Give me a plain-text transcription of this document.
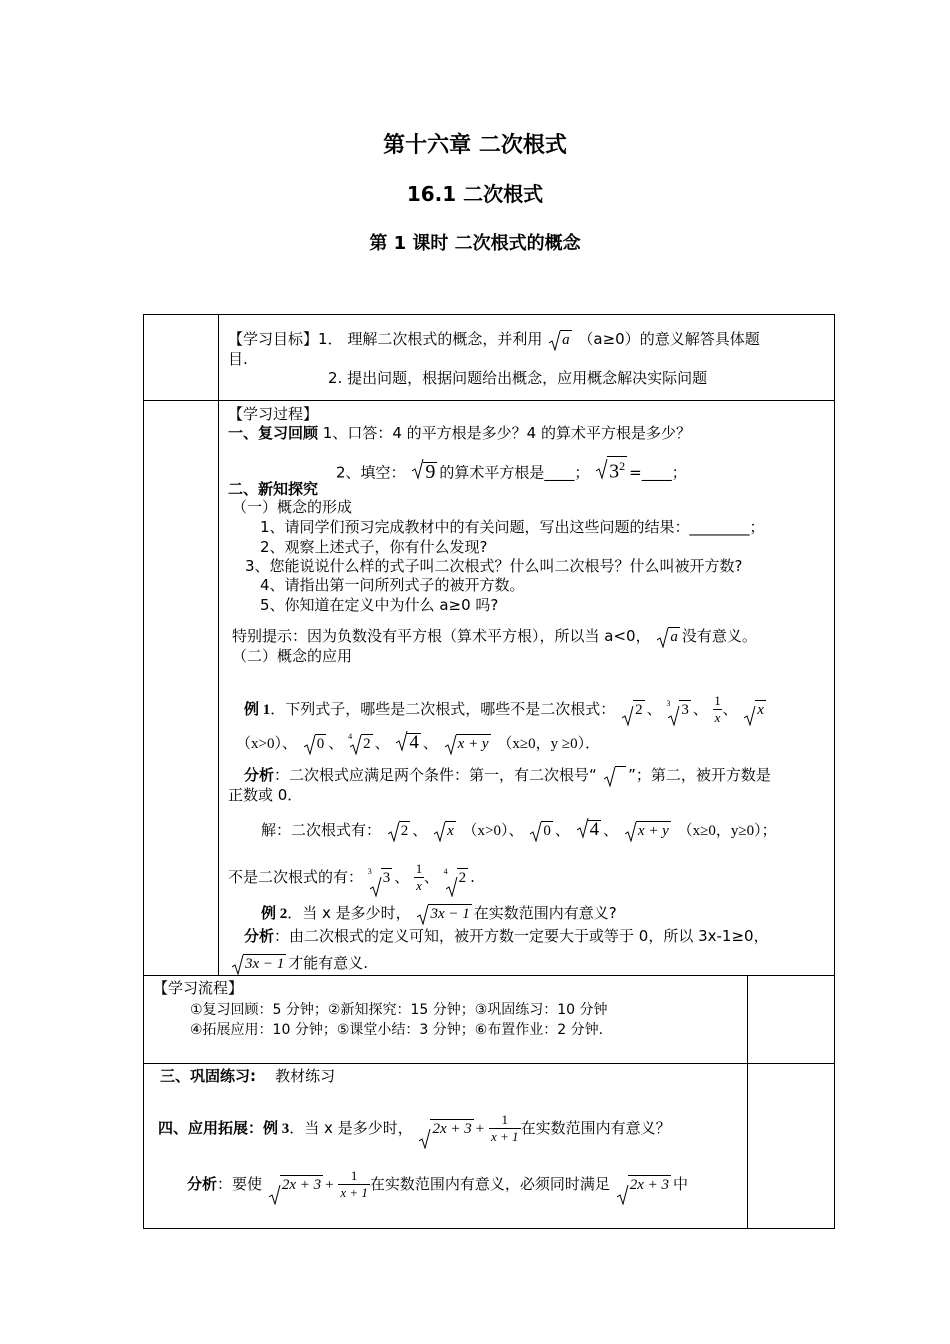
第十六章 二次根式
16.1 二次根式
第 1 课时 二次根式的概念
【学习目标】1． 理解二次根式的概念，并利用 a （a≥0）的意义解答具体题
目.
2. 提出问题，根据问题给出概念，应用概念解决实际问题
【学习过程】
一、复习回顾 1、口答：4 的平方根是多少？4 的算术平方根是多少？
2、填空： 9 的算术平方根是____； $3^2$ =____；
二、新知探究
（一）概念的形成
1、请同学们预习完成教材中的有关问题，写出这些问题的结果：________；
2、观察上述式子，你有什么发现?
3、您能说说什么样的式子叫二次根式？什么叫二次根号？什么叫被开方数?
4、请指出第一问所列式子的被开方数。
5、你知道在定义中为什么 a≥0 吗?
特别提示：因为负数没有平方根（算术平方根），所以当 a<0， a 没有意义。
（二）概念的应用
例 1．下列式子，哪些是二次根式，哪些不是二次根式： 2 、 3 3 、 $\frac{1}{x}$ 、 x
（x>0）、 0 、 4 2 、 4 、 x + y （x≥0，y ≥0）．
分析：二次根式应满足两个条件：第一，有二次根号“ ”；第二，被开方数是
正数或 0．
解：二次根式有： 2 、 x （x>0）、 0 、 4 、 x + y （x≥0，y≥0）；
不是二次根式的有： 3 3 、 $\frac{1}{x}$ 、 4 2 .
例 2．当 x 是多少时， 3x − 1 在实数范围内有意义?
分析：由二次根式的定义可知，被开方数一定要大于或等于 0，所以 3x-1≥0，
3x − 1 才能有意义.
【学习流程】
①复习回顾：5 分钟；②新知探究：15 分钟；③巩固练习：10 分钟
④拓展应用：10 分钟；⑤课堂小结：3 分钟；⑥布置作业：2 分钟.
三、巩固练习: 教材练习
四、应用拓展：例 3．当 x 是多少时， $2x + 3 + \frac{1}{x + 1}$ 在实数范围内有意义？
分析：要使 $2x + 3 + \frac{1}{x + 1}$ 在实数范围内有意义，必须同时满足 2x + 3 中
